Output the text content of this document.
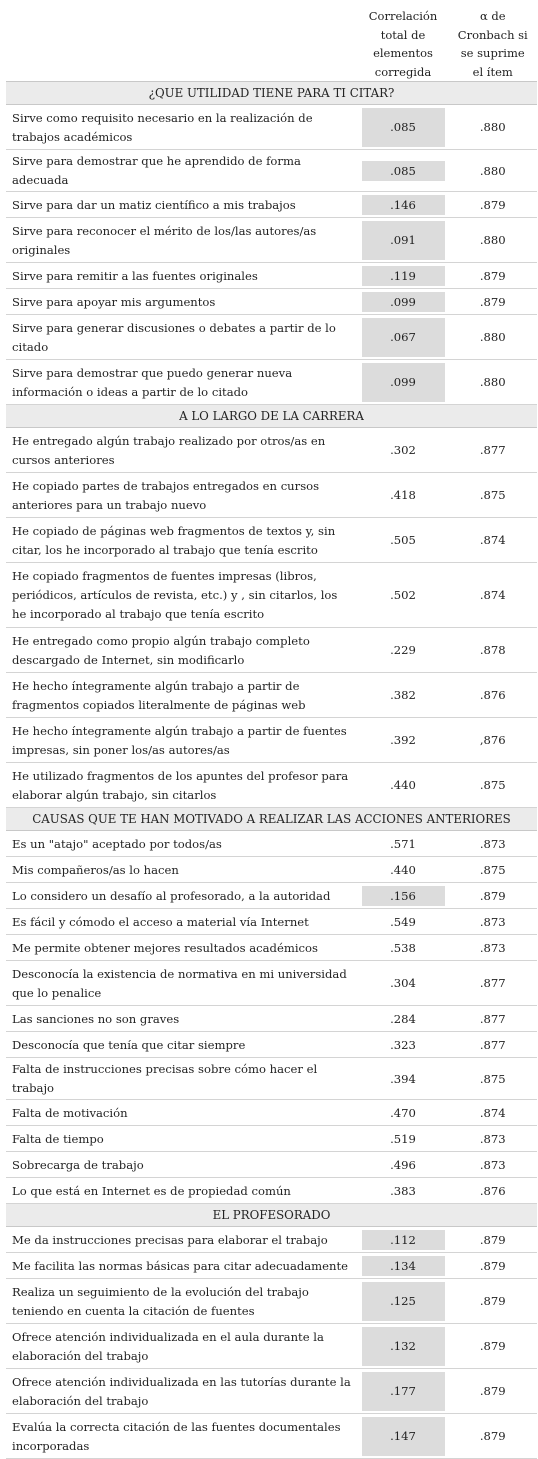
	Correlación total de elementos corregida	α de Cronbach si se suprime el ítem
¿QUE UTILIDAD TIENE PARA TI CITAR?		
Sirve como requisito necesario en la realización de trabajos académicos	.085	.880

Sirve para demostrar que he aprendido de forma adecuada	.085	.880

Sirve para dar un matiz científico a mis trabajos	.146	.879

Sirve para reconocer el mérito de los/las autores/as originales	.091	.880

Sirve para remitir a las fuentes originales	.119	.879

Sirve para apoyar mis argumentos	.099	.879

Sirve para generar discusiones o debates a partir de lo citado	.067	.880

Sirve para demostrar que puedo generar nueva información o ideas a partir de lo citado	.099	.880

A LO LARGO DE LA CARRERA		
He entregado algún trabajo realizado por otros/as en cursos anteriores	.302	.877

He copiado partes de trabajos entregados en cursos anteriores para un trabajo nuevo	.418	.875

He copiado de páginas web fragmentos de textos y, sin citar, los he incorporado al trabajo que tenía escrito	.505	.874

He copiado fragmentos de fuentes impresas (libros, periódicos, artículos de revista, etc.) y , sin citarlos, los he incorporado al trabajo que tenía escrito	.502	.874

He entregado como propio algún trabajo completo descargado de Internet, sin modificarlo	.229	.878

He hecho íntegramente algún trabajo a partir de fragmentos copiados literalmente de páginas web	.382	.876

He hecho íntegramente algún trabajo a partir de fuentes impresas, sin poner los/as autores/as	.392	,876

He utilizado fragmentos de los apuntes del profesor para elaborar algún trabajo, sin citarlos	.440	.875

CAUSAS QUE TE HAN MOTIVADO A REALIZAR LAS ACCIONES ANTERIORES		
Es un "atajo" aceptado por todos/as	.571	.873

Mis compañeros/as lo hacen	.440	.875

Lo considero un desafío al profesorado, a la autoridad	.156	.879

Es fácil y cómodo el acceso a material vía Internet	.549	.873

Me permite obtener mejores resultados académicos	.538	.873

Desconocía la existencia de normativa en mi universidad que lo penalice	.304	.877

Las sanciones no son graves	.284	.877

Desconocía que tenía que citar siempre	.323	.877

Falta de instrucciones precisas sobre cómo hacer el trabajo	.394	.875

Falta de motivación	.470	.874

Falta de tiempo	.519	.873

Sobrecarga de trabajo	.496	.873

Lo que está en Internet es de propiedad común	.383	.876

EL PROFESORADO		
Me da instrucciones precisas para elaborar el trabajo	.112	.879

Me facilita las normas básicas para citar adecuadamente	.134	.879

Realiza un seguimiento de la evolución del trabajo teniendo en cuenta la citación de fuentes	.125	.879

Ofrece atención individualizada en el aula durante la elaboración del trabajo	.132	.879

Ofrece atención individualizada en las tutorías durante la elaboración del trabajo	.177	.879

Evalúa la correcta citación de las fuentes documentales incorporadas	.147	.879
